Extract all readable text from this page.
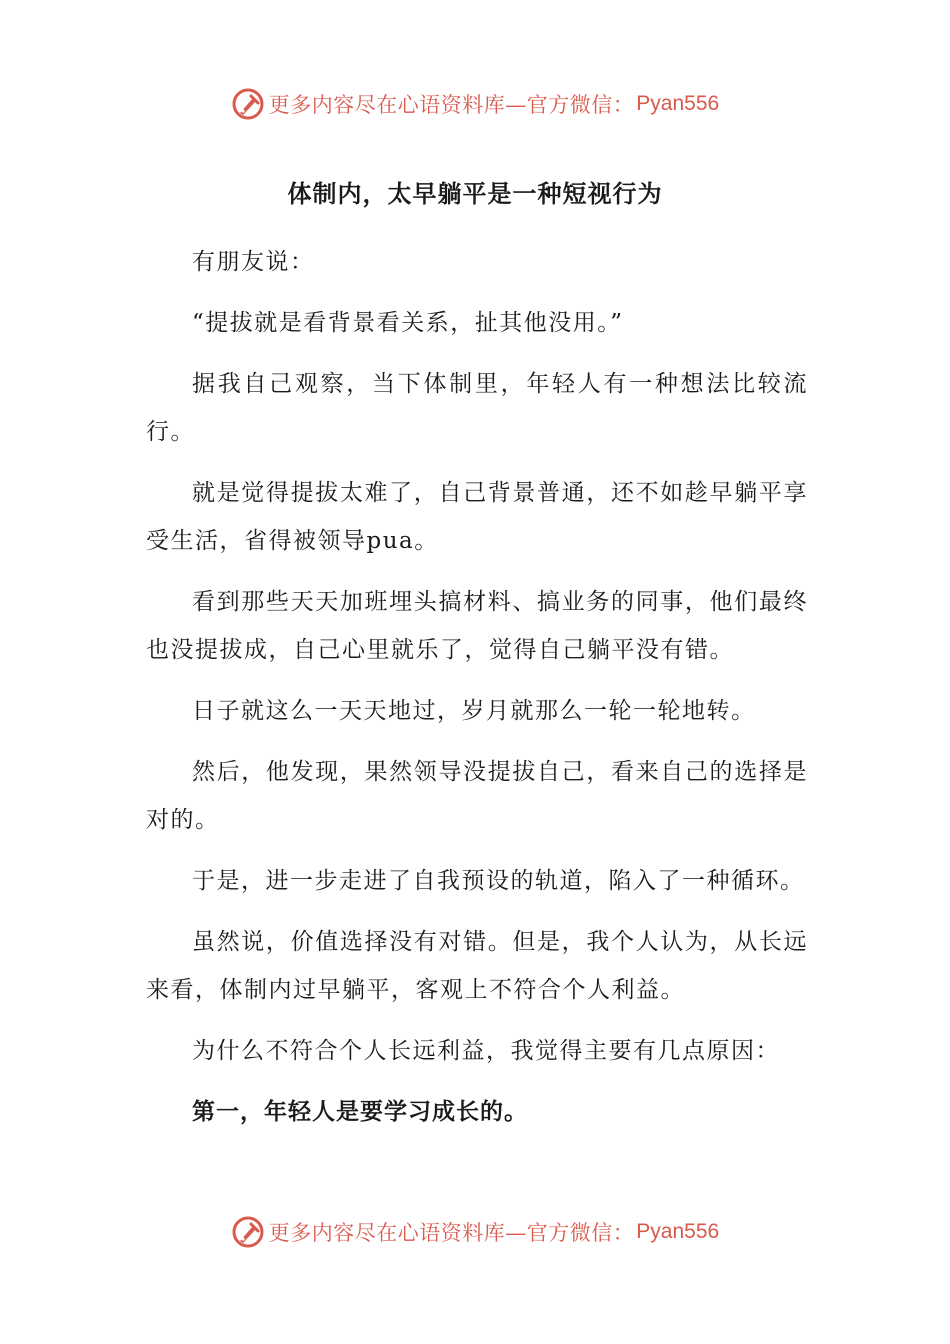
更多内容尽在心语资料库—官方微信： Pyan556
体制内，太早躺平是一种短视行为

有朋友说：

“提拔就是看背景看关系，扯其他没用。”

据我自己观察，当下体制里，年轻人有一种想法比较流行。

就是觉得提拔太难了，自己背景普通，还不如趁早躺平享受生活，省得被领导pua。

看到那些天天加班埋头搞材料、搞业务的同事，他们最终也没提拔成，自己心里就乐了，觉得自己躺平没有错。

日子就这么一天天地过，岁月就那么一轮一轮地转。

然后，他发现，果然领导没提拔自己，看来自己的选择是对的。

于是，进一步走进了自我预设的轨道，陷入了一种循环。

虽然说，价值选择没有对错。但是，我个人认为，从长远来看，体制内过早躺平，客观上不符合个人利益。

为什么不符合个人长远利益，我觉得主要有几点原因：

第一，年轻人是要学习成长的。

更多内容尽在心语资料库—官方微信： Pyan556
